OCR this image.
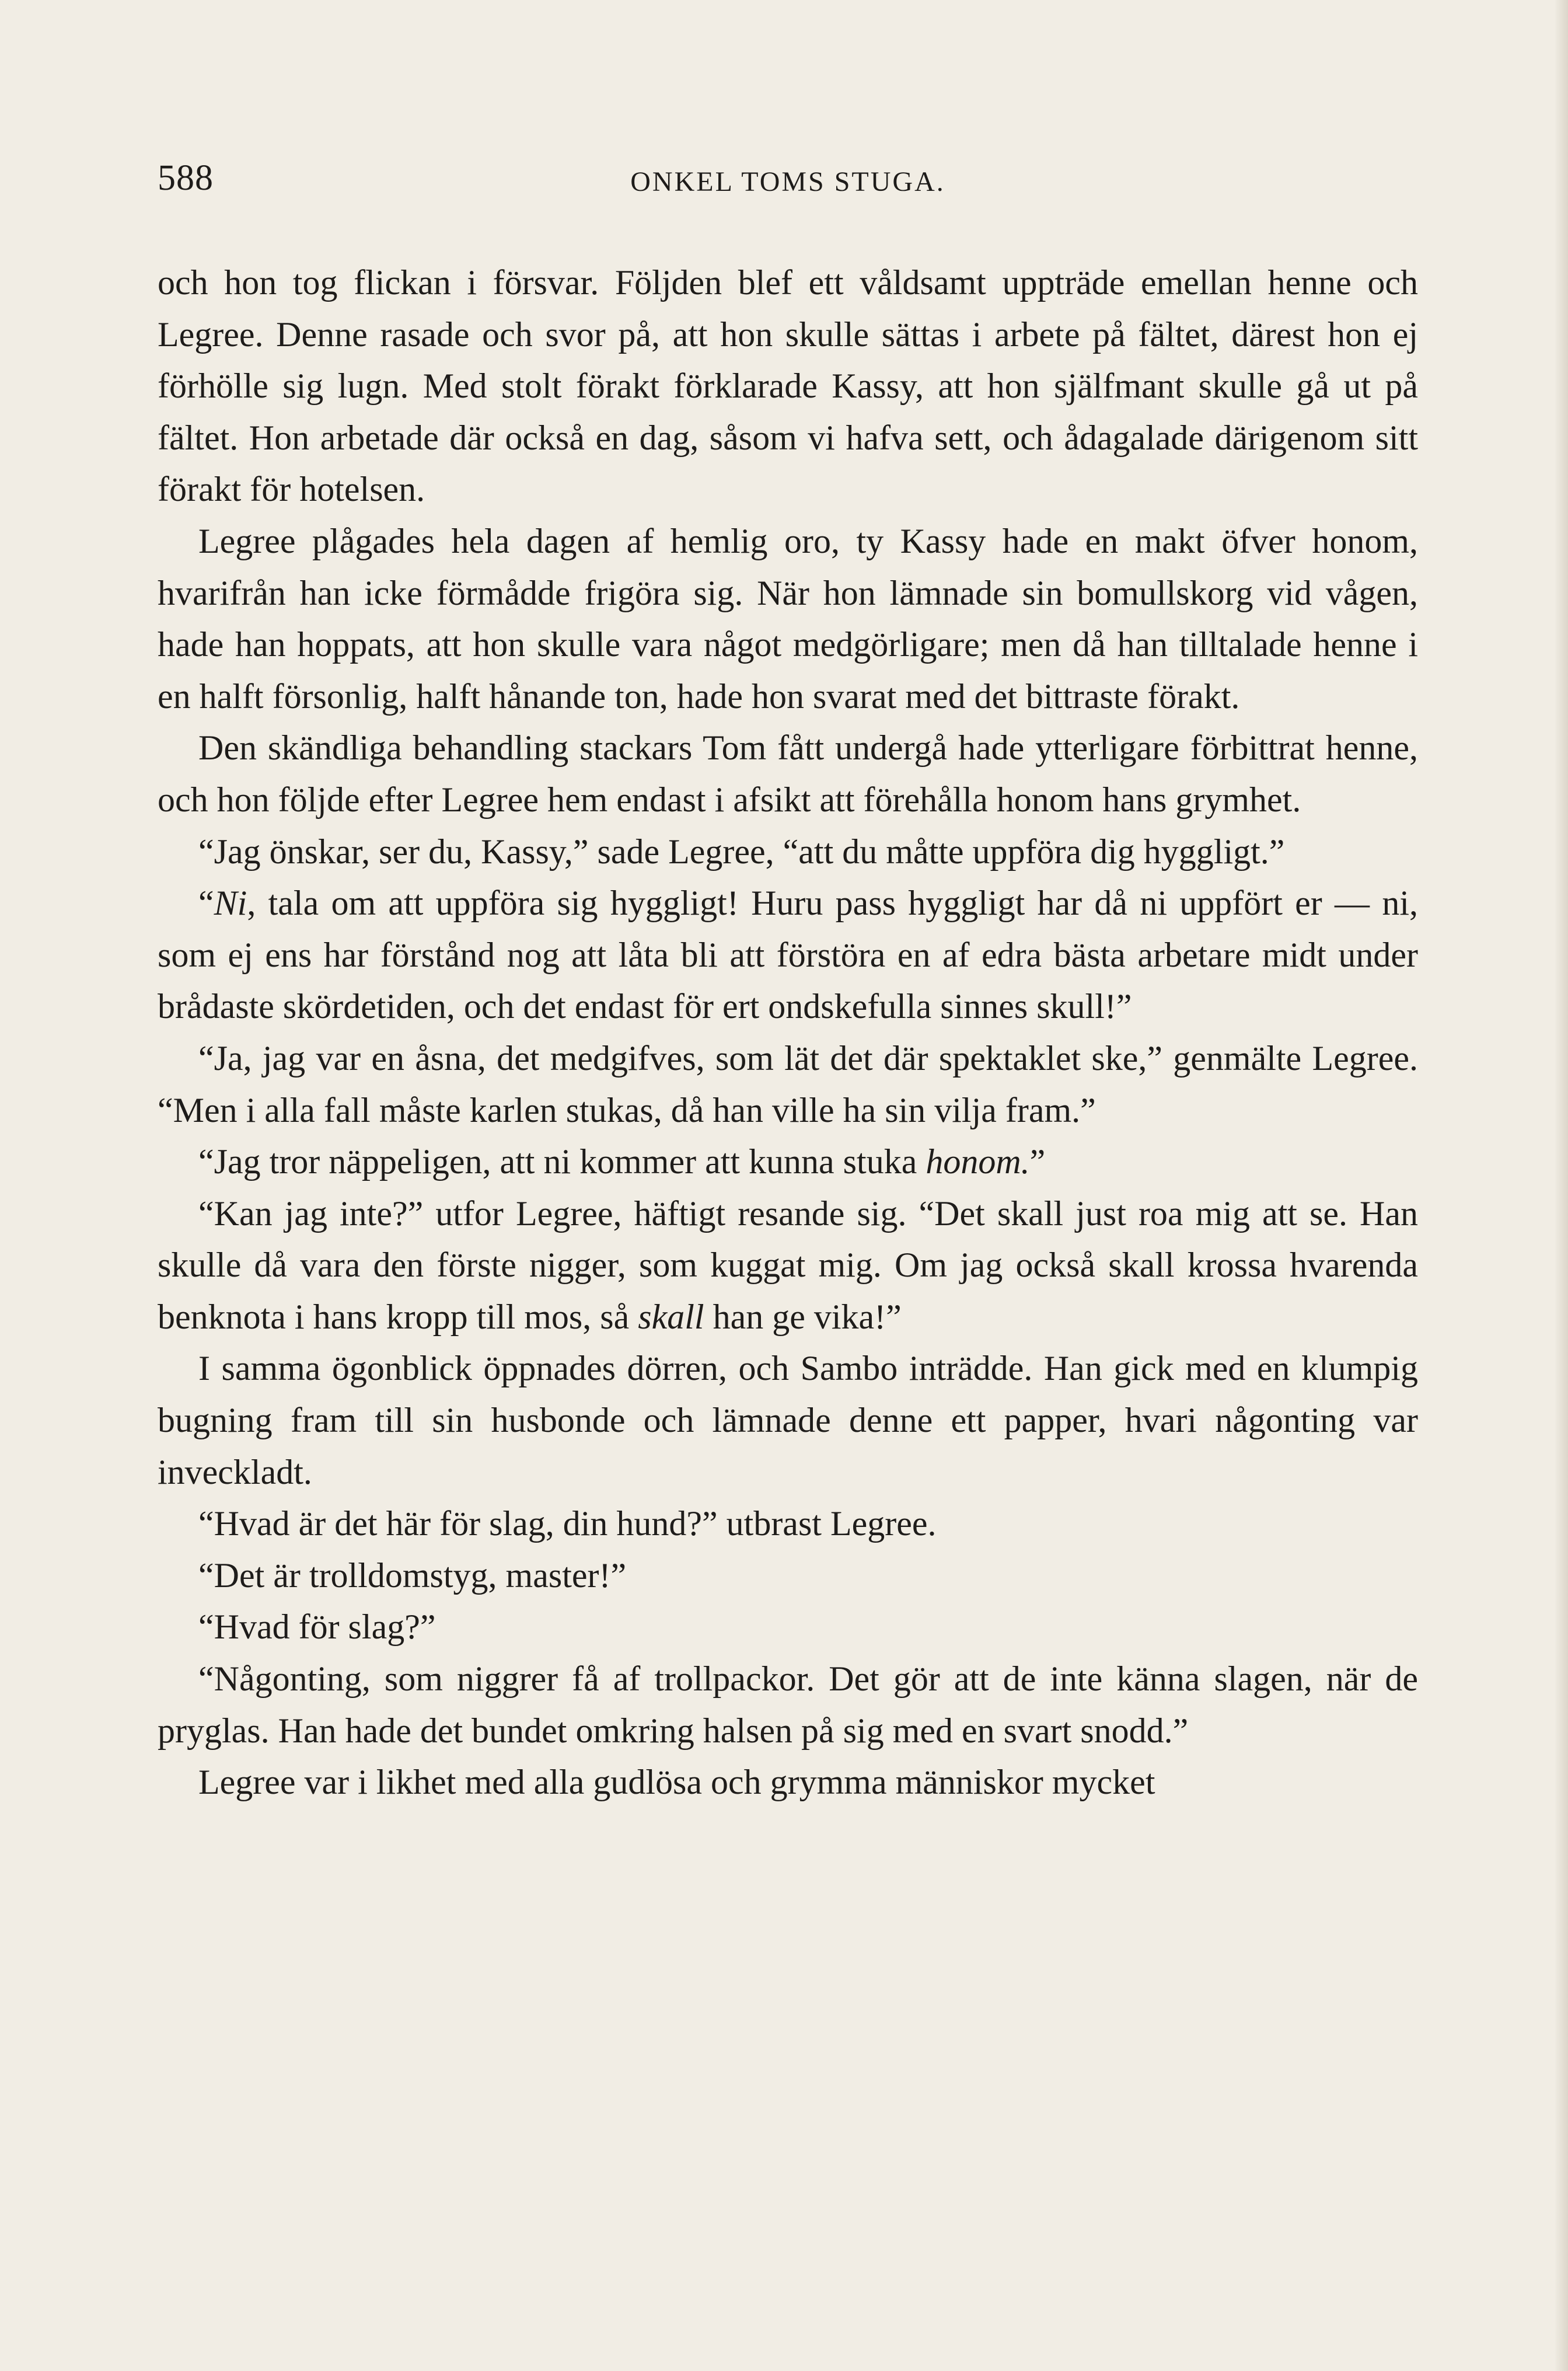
588	ONKEL TOMS STUGA.

och hon tog flickan i försvar. Följden blef ett våldsamt uppträde emellan henne och Legree. Denne rasade och svor på, att hon skulle sättas i arbete på fältet, därest hon ej förhölle sig lugn. Med stolt förakt förklarade Kassy, att hon själfmant skulle gå ut på fältet. Hon arbetade där också en dag, såsom vi hafva sett, och ådagalade därigenom sitt förakt för hotelsen.

Legree plågades hela dagen af hemlig oro, ty Kassy hade en makt öfver honom, hvarifrån han icke förmådde frigöra sig. När hon lämnade sin bomullskorg vid vågen, hade han hoppats, att hon skulle vara något medgörligare; men då han tilltalade henne i en halft försonlig, halft hånande ton, hade hon svarat med det bittraste förakt.

Den skändliga behandling stackars Tom fått undergå hade ytterligare förbittrat henne, och hon följde efter Legree hem endast i afsikt att förehålla honom hans grymhet.

“Jag önskar, ser du, Kassy,” sade Legree, “att du måtte uppföra dig hyggligt.”

“Ni, tala om att uppföra sig hyggligt! Huru pass hyggligt har då ni uppfört er — ni, som ej ens har förstånd nog att låta bli att förstöra en af edra bästa arbetare midt under brådaste skördetiden, och det endast för ert ondskefulla sinnes skull!”

“Ja, jag var en åsna, det medgifves, som lät det där spektaklet ske,” genmälte Legree. “Men i alla fall måste karlen stukas, då han ville ha sin vilja fram.”

“Jag tror näppeligen, att ni kommer att kunna stuka honom.”

“Kan jag inte?” utfor Legree, häftigt resande sig. “Det skall just roa mig att se. Han skulle då vara den förste nigger, som kuggat mig. Om jag också skall krossa hvarenda benknota i hans kropp till mos, så skall han ge vika!”

I samma ögonblick öppnades dörren, och Sambo inträdde. Han gick med en klumpig bugning fram till sin husbonde och lämnade denne ett papper, hvari någonting var inveckladt.

“Hvad är det här för slag, din hund?” utbrast Legree.

“Det är trolldomstyg, master!”

“Hvad för slag?”

“Någonting, som niggrer få af trollpackor. Det gör att de inte känna slagen, när de pryglas. Han hade det bundet omkring halsen på sig med en svart snodd.”

Legree var i likhet med alla gudlösa och grymma människor mycket
